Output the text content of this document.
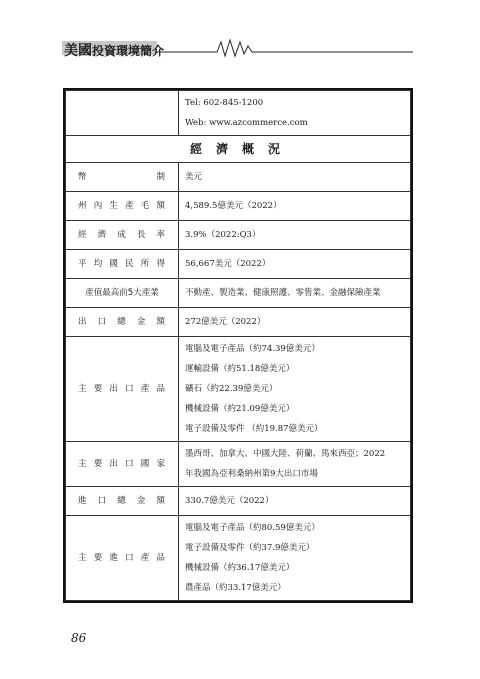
美國投資環境簡介

	Tel: 602-845-1200
Web: www.azcommerce.com

經濟概況	
幣制	美元

州內生產毛額	4,589.5億美元（2022）

經濟成長率	3.9%（2022:Q3）

平均國民所得	56,667美元（2022）

產值最高前5大產業	不動產、製造業、健康照護、零售業、金融保險產業

出口總金額	272億美元（2022）

主要出口產品	電腦及電子產品（約74.39億美元）
運輸設備（約51.18億美元）
礦石（約22.39億美元）
機械設備（約21.09億美元）
電子設備及零件 （約19.87億美元）

主要出口國家	墨西哥、加拿大、中國大陸、荷蘭、馬來西亞；2022
年我國為亞利桑納州第9大出口市場

進口總金額	330.7億美元（2022）

主要進口產品	電腦及電子產品（約80.59億美元）
電子設備及零件（約37.9億美元）
機械設備（約36.17億美元）
農產品（約33.17億美元）
86
